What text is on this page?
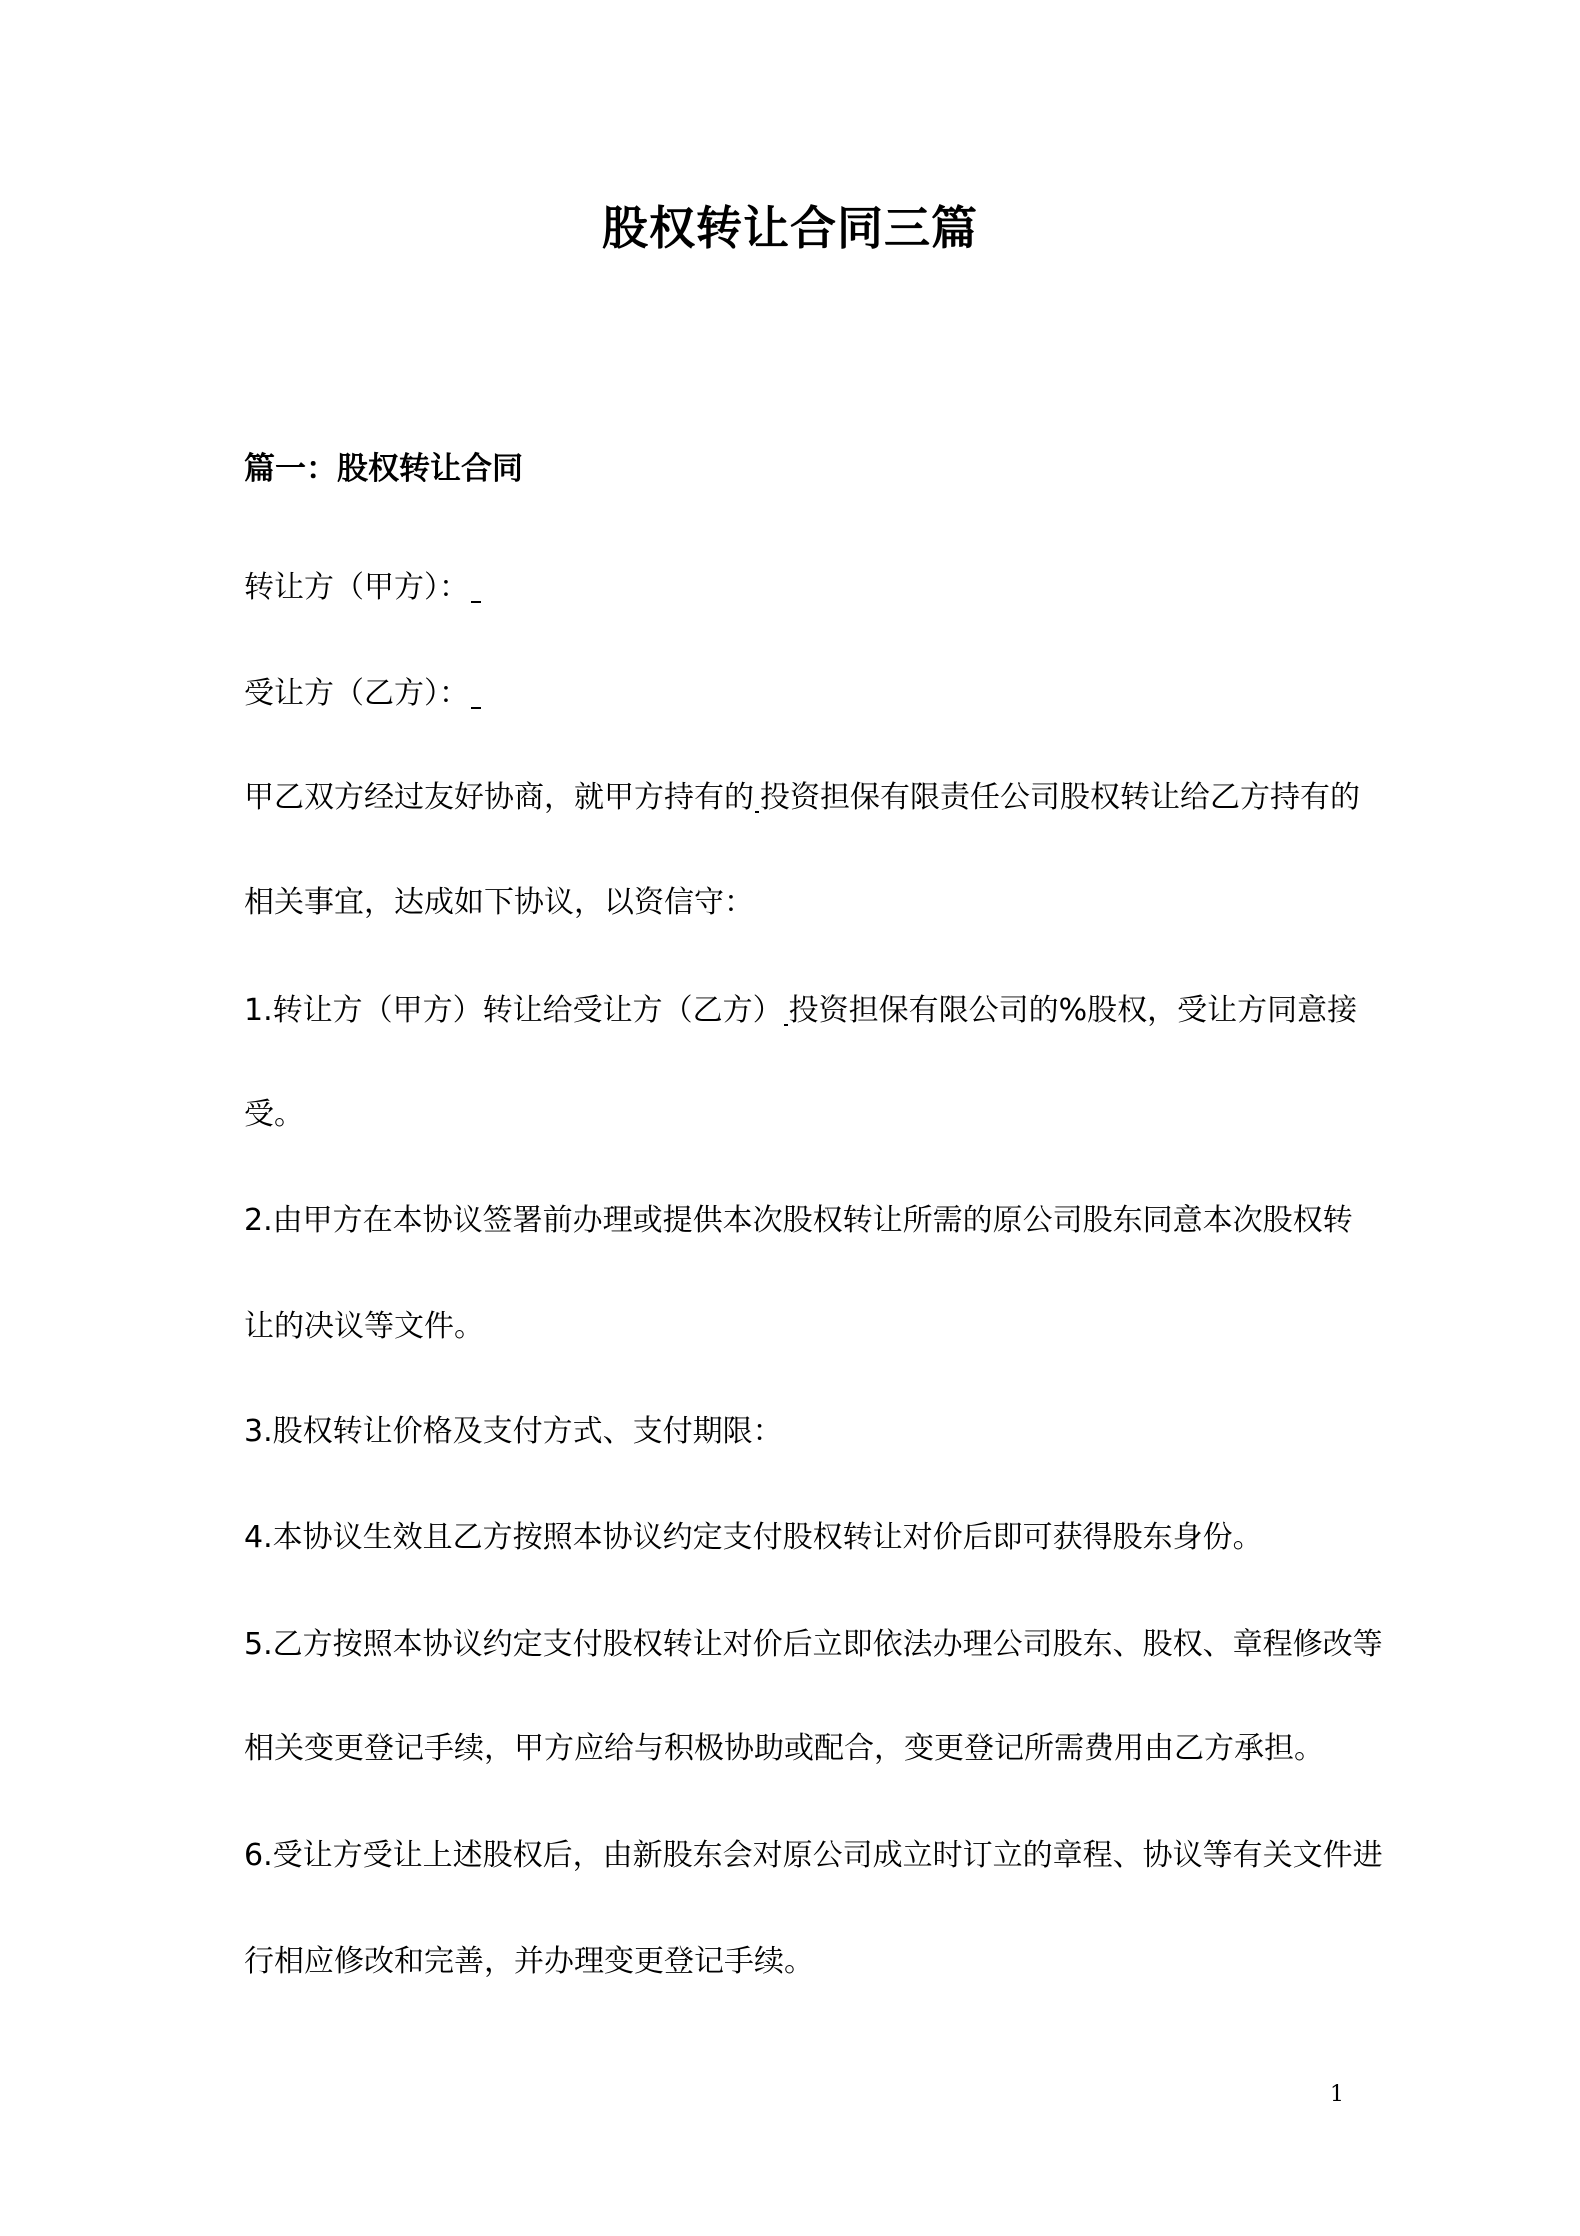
股权转让合同三篇
篇一：股权转让合同
转让方（甲方）：
受让方（乙方）：
甲乙双方经过友好协商，就甲方持有的 投资担保有限责任公司股权转让给乙方持有的
相关事宜，达成如下协议，以资信守：
1.转让方（甲方）转让给受让方（乙方） 投资担保有限公司的%股权，受让方同意接
受。
2.由甲方在本协议签署前办理或提供本次股权转让所需的原公司股东同意本次股权转
让的决议等文件。
3.股权转让价格及支付方式、支付期限：
4.本协议生效且乙方按照本协议约定支付股权转让对价后即可获得股东身份。
5.乙方按照本协议约定支付股权转让对价后立即依法办理公司股东、股权、章程修改等
相关变更登记手续，甲方应给与积极协助或配合，变更登记所需费用由乙方承担。
6.受让方受让上述股权后，由新股东会对原公司成立时订立的章程、协议等有关文件进
行相应修改和完善，并办理变更登记手续。
1
